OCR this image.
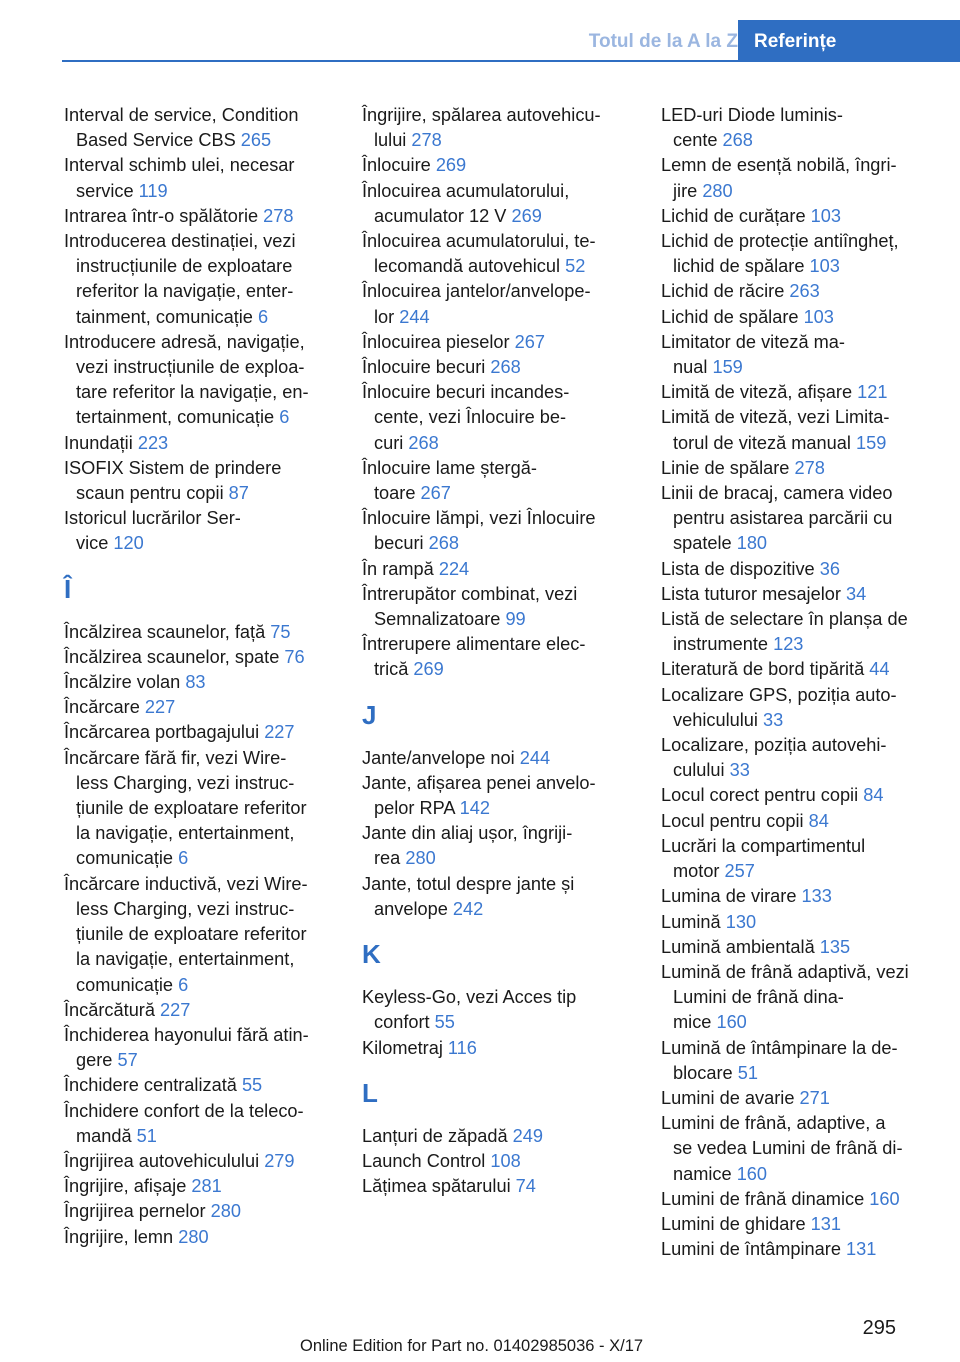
Totul de la A la Z Referințe
Interval de service, Condition
Based Service CBS 265
Interval schimb ulei, necesar
service 119
Intrarea într-o spălătorie 278
Introducerea destinației, vezi
instrucțiunile de exploatare
referitor la navigație, enter‐
tainment, comunicație 6
Introducere adresă, navigație,
vezi instrucțiunile de exploa‐
tare referitor la navigație, en‐
tertainment, comunicație 6
Inundații 223
ISOFIX Sistem de prindere
scaun pentru copii 87
Istoricul lucrărilor Ser‐
vice 120
Î
Încălzirea scaunelor, față 75
Încălzirea scaunelor, spate 76
Încălzire volan 83
Încărcare 227
Încărcarea portbagajului 227
Încărcare fără fir, vezi Wire‐
less Charging, vezi instruc‐
țiunile de exploatare referitor
la navigație, entertainment,
comunicație 6
Încărcare inductivă, vezi Wire‐
less Charging, vezi instruc‐
țiunile de exploatare referitor
la navigație, entertainment,
comunicație 6
Încărcătură 227
Închiderea hayonului fără atin‐
gere 57
Închidere centralizată 55
Închidere confort de la teleco‐
mandă 51
Îngrijirea autovehiculului 279
Îngrijire, afișaje 281
Îngrijirea pernelor 280
Îngrijire, lemn 280
Îngrijire, spălarea autovehicu‐
lului 278
Înlocuire 269
Înlocuirea acumulatorului,
acumulator 12 V 269
Înlocuirea acumulatorului, te‐
lecomandă autovehicul 52
Înlocuirea jantelor/anvelope‐
lor 244
Înlocuirea pieselor 267
Înlocuire becuri 268
Înlocuire becuri incandes‐
cente, vezi Înlocuire be‐
curi 268
Înlocuire lame ștergă‐
toare 267
Înlocuire lămpi, vezi Înlocuire
becuri 268
În rampă 224
Întrerupător combinat, vezi
Semnalizatoare 99
Întrerupere alimentare elec‐
trică 269
J
Jante/anvelope noi 244
Jante, afișarea penei anvelo‐
pelor RPA 142
Jante din aliaj ușor, îngriji‐
rea 280
Jante, totul despre jante și
anvelope 242
K
Keyless-Go, vezi Acces tip
confort 55
Kilometraj 116
L
Lanțuri de zăpadă 249
Launch Control 108
Lățimea spătarului 74
LED-uri Diode luminis‐
cente 268
Lemn de esență nobilă, îngri‐
jire 280
Lichid de curățare 103
Lichid de protecție antiîngheț,
lichid de spălare 103
Lichid de răcire 263
Lichid de spălare 103
Limitator de viteză ma‐
nual 159
Limită de viteză, afișare 121
Limită de viteză, vezi Limita‐
torul de viteză manual 159
Linie de spălare 278
Linii de bracaj, camera video
pentru asistarea parcării cu
spatele 180
Lista de dispozitive 36
Lista tuturor mesajelor 34
Listă de selectare în planșa de
instrumente 123
Literatură de bord tipărită 44
Localizare GPS, poziția auto‐
vehiculului 33
Localizare, poziția autovehi‐
culului 33
Locul corect pentru copii 84
Locul pentru copii 84
Lucrări la compartimentul
motor 257
Lumina de virare 133
Lumină 130
Lumină ambientală 135
Lumină de frână adaptivă, vezi
Lumini de frână dina‐
mice 160
Lumină de întâmpinare la de‐
blocare 51
Lumini de avarie 271
Lumini de frână, adaptive, a
se vedea Lumini de frână di‐
namice 160
Lumini de frână dinamice 160
Lumini de ghidare 131
Lumini de întâmpinare 131
295
Online Edition for Part no. 01402985036 - X/17
